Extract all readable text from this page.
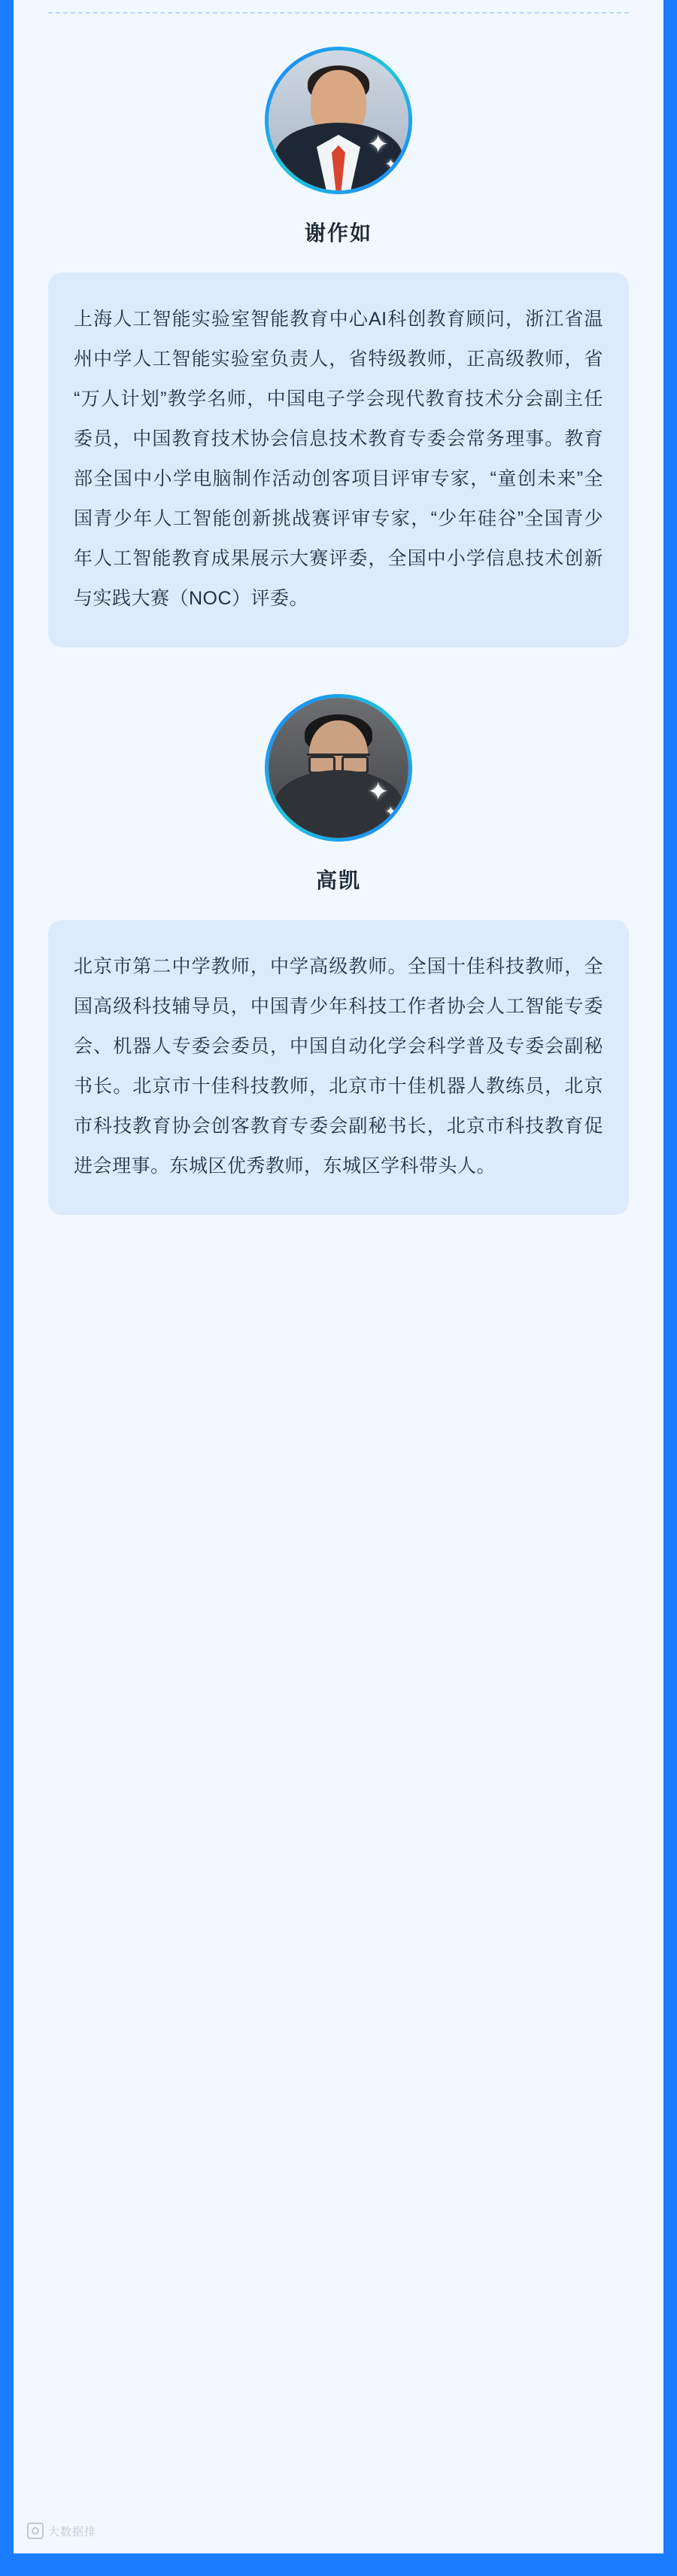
✦
✦
谢作如

上海人工智能实验室智能教育中心AI科创教育顾问，浙江省温州中学人工智能实验室负责人，省特级教师，正高级教师，省“万人计划”教学名师，中国电子学会现代教育技术分会副主任委员，中国教育技术协会信息技术教育专委会常务理事。教育部全国中小学电脑制作活动创客项目评审专家，“童创未来”全国青少年人工智能创新挑战赛评审专家，“少年硅谷”全国青少年人工智能教育成果展示大赛评委，全国中小学信息技术创新与实践大赛（NOC）评委。

✦
✦
高凯

北京市第二中学教师，中学高级教师。全国十佳科技教师，全国高级科技辅导员，中国青少年科技工作者协会人工智能专委会、机器人专委会委员，中国自动化学会科学普及专委会副秘书长。北京市十佳科技教师，北京市十佳机器人教练员，北京市科技教育协会创客教育专委会副秘书长，北京市科技教育促进会理事。东城区优秀教师，东城区学科带头人。

大数据排
